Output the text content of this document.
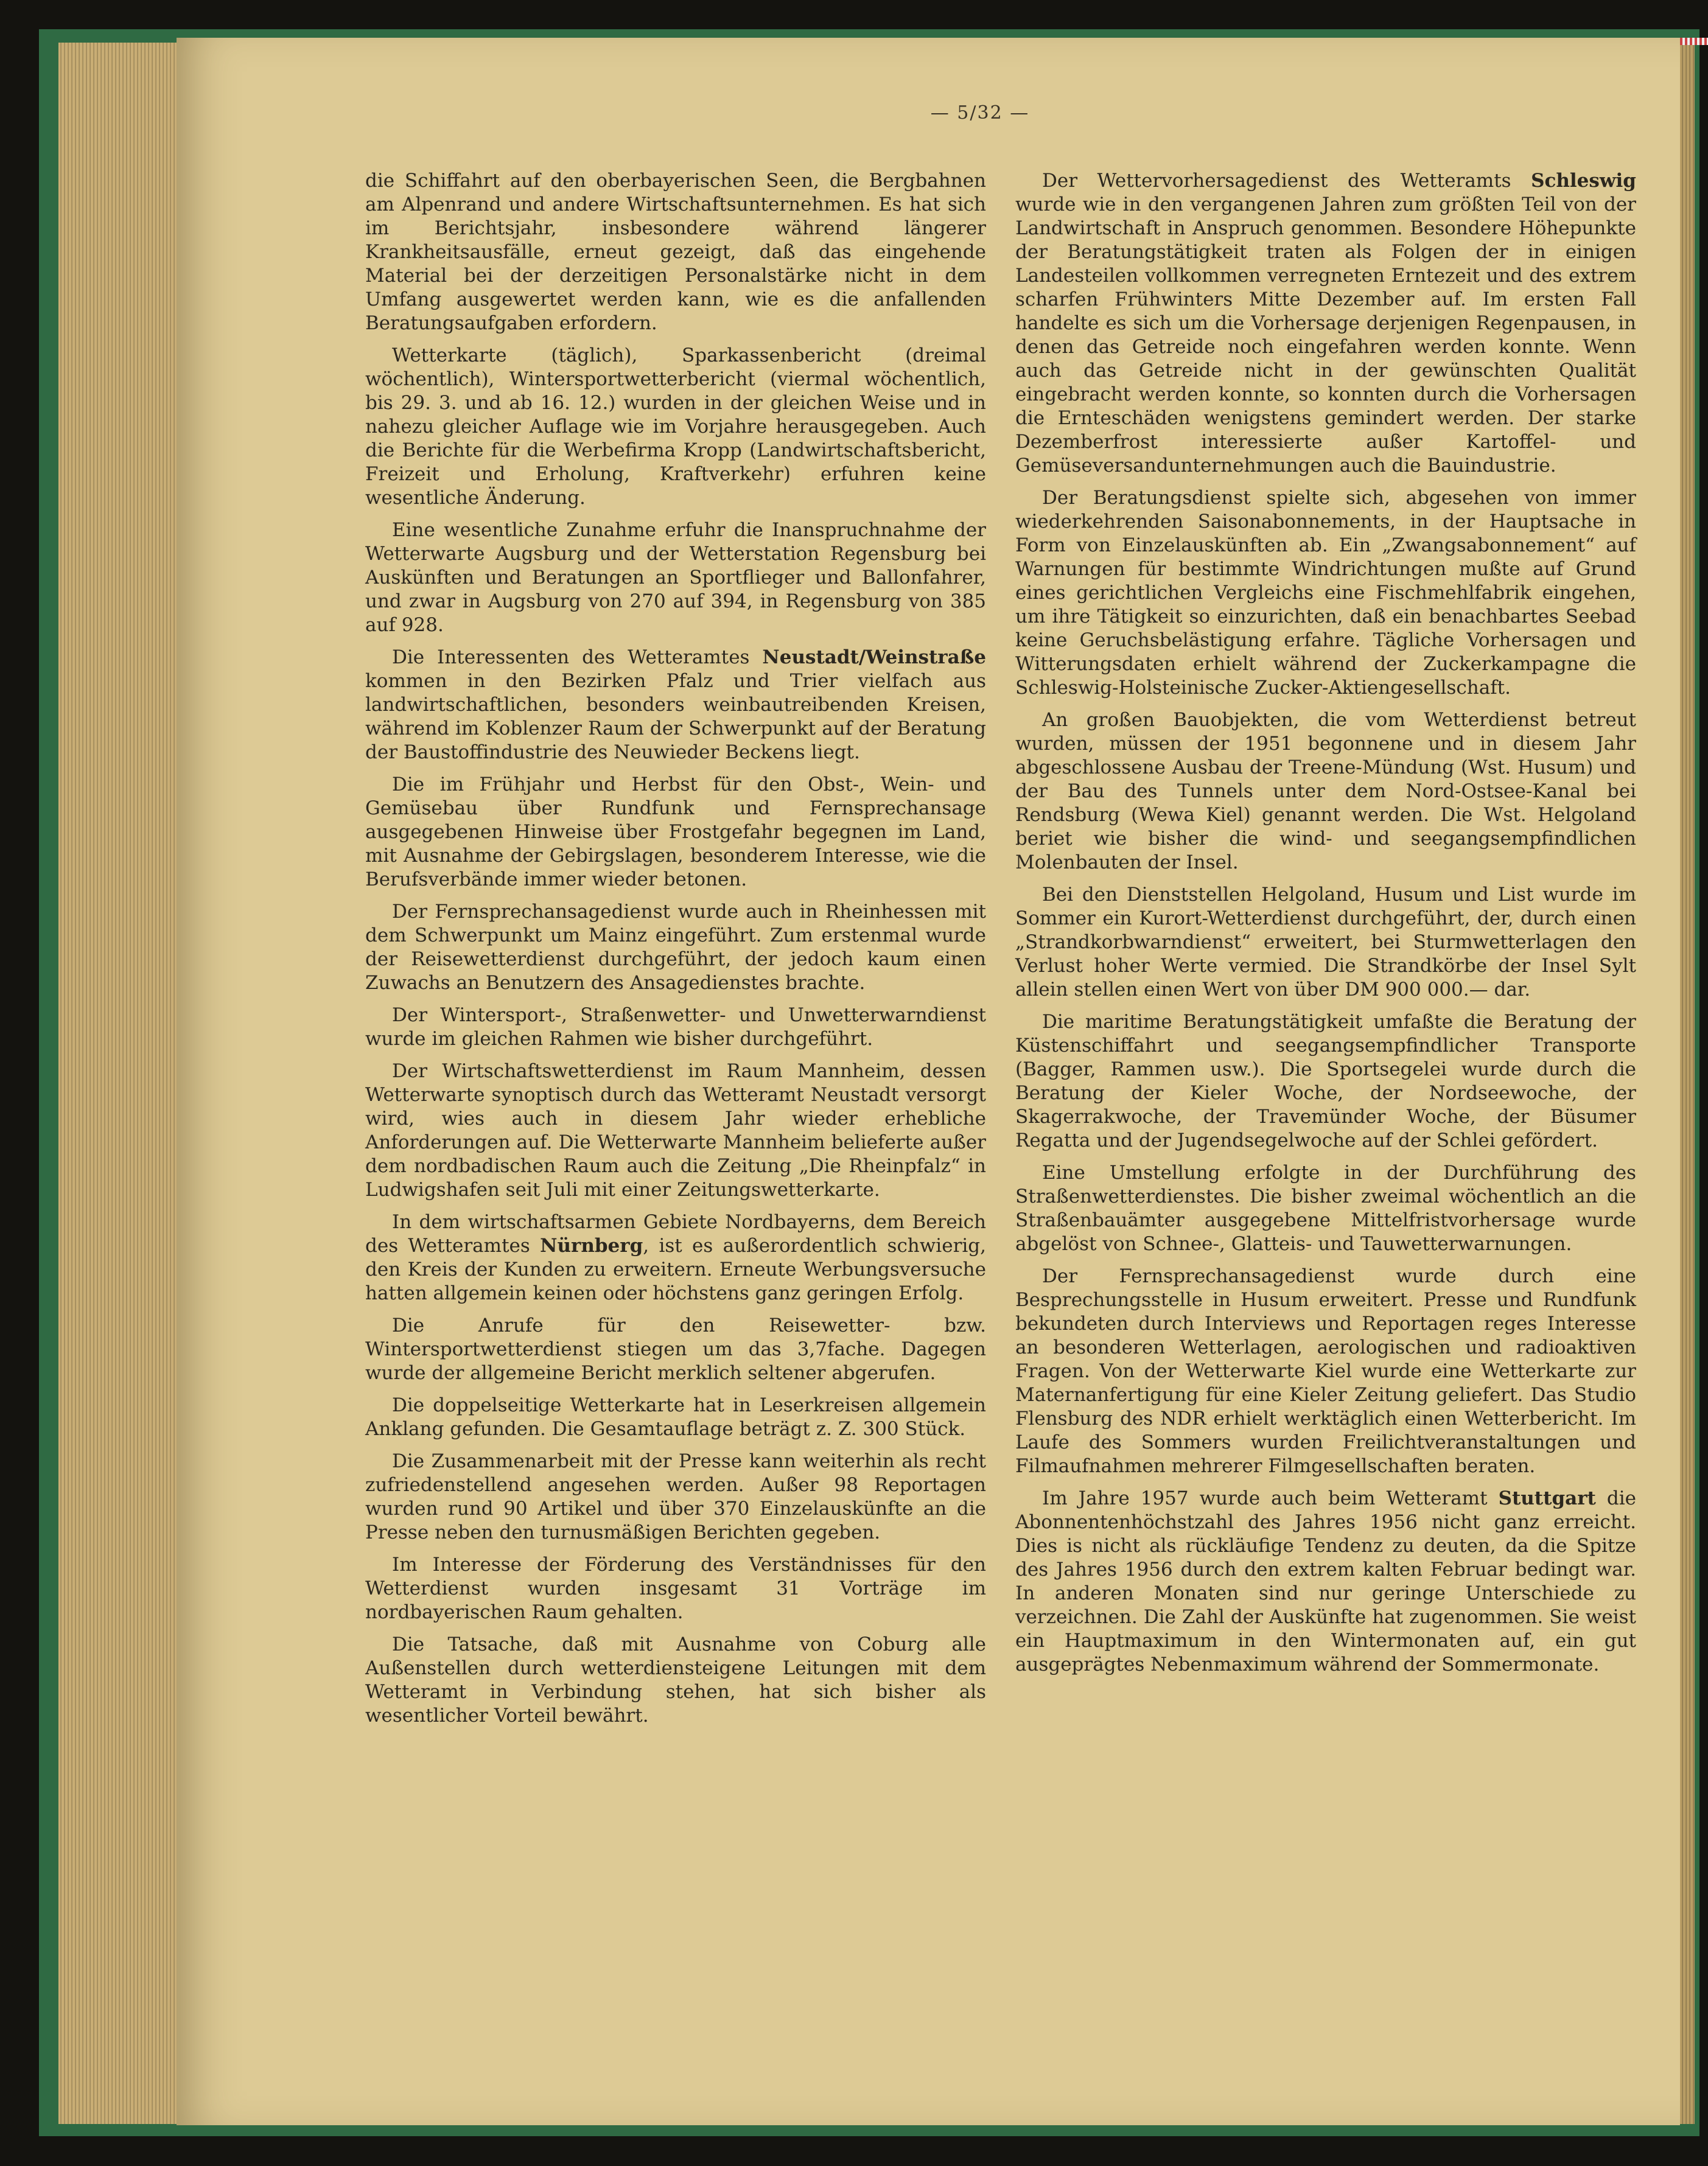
— 5/32 —

die Schiffahrt auf den oberbayerischen Seen, die Bergbahnen am Alpenrand und andere Wirtschaftsunternehmen. Es hat sich im Berichtsjahr, insbesondere während längerer Krankheitsausfälle, erneut gezeigt, daß das eingehende Material bei der derzeitigen Personalstärke nicht in dem Umfang ausgewertet werden kann, wie es die anfallenden Beratungsaufgaben erfordern.

Wetterkarte (täglich), Sparkassenbericht (dreimal wöchentlich), Wintersportwetterbericht (viermal wöchentlich, bis 29. 3. und ab 16. 12.) wurden in der gleichen Weise und in nahezu gleicher Auflage wie im Vorjahre herausgegeben. Auch die Berichte für die Werbefirma Kropp (Landwirtschaftsbericht, Freizeit und Erholung, Kraftverkehr) erfuhren keine wesentliche Änderung.

Eine wesentliche Zunahme erfuhr die Inanspruchnahme der Wetterwarte Augsburg und der Wetterstation Regensburg bei Auskünften und Beratungen an Sportflieger und Ballonfahrer, und zwar in Augsburg von 270 auf 394, in Regensburg von 385 auf 928.

Die Interessenten des Wetteramtes Neustadt/Weinstraße kommen in den Bezirken Pfalz und Trier vielfach aus landwirtschaftlichen, besonders weinbautreibenden Kreisen, während im Koblenzer Raum der Schwerpunkt auf der Beratung der Baustoffindustrie des Neuwieder Beckens liegt.

Die im Frühjahr und Herbst für den Obst-, Wein- und Gemüsebau über Rundfunk und Fernsprechansage ausgegebenen Hinweise über Frostgefahr begegnen im Land, mit Ausnahme der Gebirgslagen, besonderem Interesse, wie die Berufsverbände immer wieder betonen.

Der Fernsprechansagedienst wurde auch in Rheinhessen mit dem Schwerpunkt um Mainz eingeführt. Zum erstenmal wurde der Reisewetterdienst durchgeführt, der jedoch kaum einen Zuwachs an Benutzern des Ansagedienstes brachte.

Der Wintersport-, Straßenwetter- und Unwetterwarndienst wurde im gleichen Rahmen wie bisher durchgeführt.

Der Wirtschaftswetterdienst im Raum Mannheim, dessen Wetterwarte synoptisch durch das Wetteramt Neustadt versorgt wird, wies auch in diesem Jahr wieder erhebliche Anforderungen auf. Die Wetterwarte Mannheim belieferte außer dem nordbadischen Raum auch die Zeitung „Die Rheinpfalz“ in Ludwigshafen seit Juli mit einer Zeitungswetterkarte.

In dem wirtschaftsarmen Gebiete Nordbayerns, dem Bereich des Wetteramtes Nürnberg, ist es außerordentlich schwierig, den Kreis der Kunden zu erweitern. Erneute Werbungsversuche hatten allgemein keinen oder höchstens ganz geringen Erfolg.

Die Anrufe für den Reisewetter- bzw. Wintersportwetterdienst stiegen um das 3,7fache. Dagegen wurde der allgemeine Bericht merklich seltener abgerufen.

Die doppelseitige Wetterkarte hat in Leserkreisen allgemein Anklang gefunden. Die Gesamtauflage beträgt z. Z. 300 Stück.

Die Zusammenarbeit mit der Presse kann weiterhin als recht zufriedenstellend angesehen werden. Außer 98 Reportagen wurden rund 90 Artikel und über 370 Einzelauskünfte an die Presse neben den turnusmäßigen Berichten gegeben.

Im Interesse der Förderung des Verständnisses für den Wetterdienst wurden insgesamt 31 Vorträge im nordbayerischen Raum gehalten.

Die Tatsache, daß mit Ausnahme von Coburg alle Außenstellen durch wetterdiensteigene Leitungen mit dem Wetteramt in Verbindung stehen, hat sich bisher als wesentlicher Vorteil bewährt.

Der Wettervorhersagedienst des Wetteramts Schleswig wurde wie in den vergangenen Jahren zum größten Teil von der Landwirtschaft in Anspruch genommen. Besondere Höhepunkte der Beratungstätigkeit traten als Folgen der in einigen Landesteilen vollkommen verregneten Erntezeit und des extrem scharfen Frühwinters Mitte Dezember auf. Im ersten Fall handelte es sich um die Vorhersage derjenigen Regenpausen, in denen das Getreide noch eingefahren werden konnte. Wenn auch das Getreide nicht in der gewünschten Qualität eingebracht werden konnte, so konnten durch die Vorhersagen die Ernteschäden wenigstens gemindert werden. Der starke Dezemberfrost interessierte außer Kartoffel- und Gemüseversandunternehmungen auch die Bauindustrie.

Der Beratungsdienst spielte sich, abgesehen von immer wiederkehrenden Saisonabonnements, in der Hauptsache in Form von Einzelauskünften ab. Ein „Zwangsabonnement“ auf Warnungen für bestimmte Windrichtungen mußte auf Grund eines gerichtlichen Vergleichs eine Fischmehlfabrik eingehen, um ihre Tätigkeit so einzurichten, daß ein benachbartes Seebad keine Geruchsbelästigung erfahre. Tägliche Vorhersagen und Witterungsdaten erhielt während der Zuckerkampagne die Schleswig-Holsteinische Zucker-Aktiengesellschaft.

An großen Bauobjekten, die vom Wetterdienst betreut wurden, müssen der 1951 begonnene und in diesem Jahr abgeschlossene Ausbau der Treene-Mündung (Wst. Husum) und der Bau des Tunnels unter dem Nord-Ostsee-Kanal bei Rendsburg (Wewa Kiel) genannt werden. Die Wst. Helgoland beriet wie bisher die wind- und seegangsempfindlichen Molenbauten der Insel.

Bei den Dienststellen Helgoland, Husum und List wurde im Sommer ein Kurort-Wetterdienst durchgeführt, der, durch einen „Strandkorbwarndienst“ erweitert, bei Sturmwetterlagen den Verlust hoher Werte vermied. Die Strandkörbe der Insel Sylt allein stellen einen Wert von über DM 900 000.— dar.

Die maritime Beratungstätigkeit umfaßte die Beratung der Küstenschiffahrt und seegangsempfindlicher Transporte (Bagger, Rammen usw.). Die Sportsegelei wurde durch die Beratung der Kieler Woche, der Nordseewoche, der Skagerrakwoche, der Travemünder Woche, der Büsumer Regatta und der Jugendsegelwoche auf der Schlei gefördert.

Eine Umstellung erfolgte in der Durchführung des Straßenwetterdienstes. Die bisher zweimal wöchentlich an die Straßenbauämter ausgegebene Mittelfristvorhersage wurde abgelöst von Schnee-, Glatteis- und Tauwetterwarnungen.

Der Fernsprechansagedienst wurde durch eine Besprechungsstelle in Husum erweitert. Presse und Rundfunk bekundeten durch Interviews und Reportagen reges Interesse an besonderen Wetterlagen, aerologischen und radioaktiven Fragen. Von der Wetterwarte Kiel wurde eine Wetterkarte zur Maternanfertigung für eine Kieler Zeitung geliefert. Das Studio Flensburg des NDR erhielt werktäglich einen Wetterbericht. Im Laufe des Sommers wurden Freilichtveranstaltungen und Filmaufnahmen mehrerer Filmgesellschaften beraten.

Im Jahre 1957 wurde auch beim Wetteramt Stuttgart die Abonnentenhöchstzahl des Jahres 1956 nicht ganz erreicht. Dies is nicht als rückläufige Tendenz zu deuten, da die Spitze des Jahres 1956 durch den extrem kalten Februar bedingt war. In anderen Monaten sind nur geringe Unterschiede zu verzeichnen. Die Zahl der Auskünfte hat zugenommen. Sie weist ein Hauptmaximum in den Wintermonaten auf, ein gut ausgeprägtes Nebenmaximum während der Sommermonate.
